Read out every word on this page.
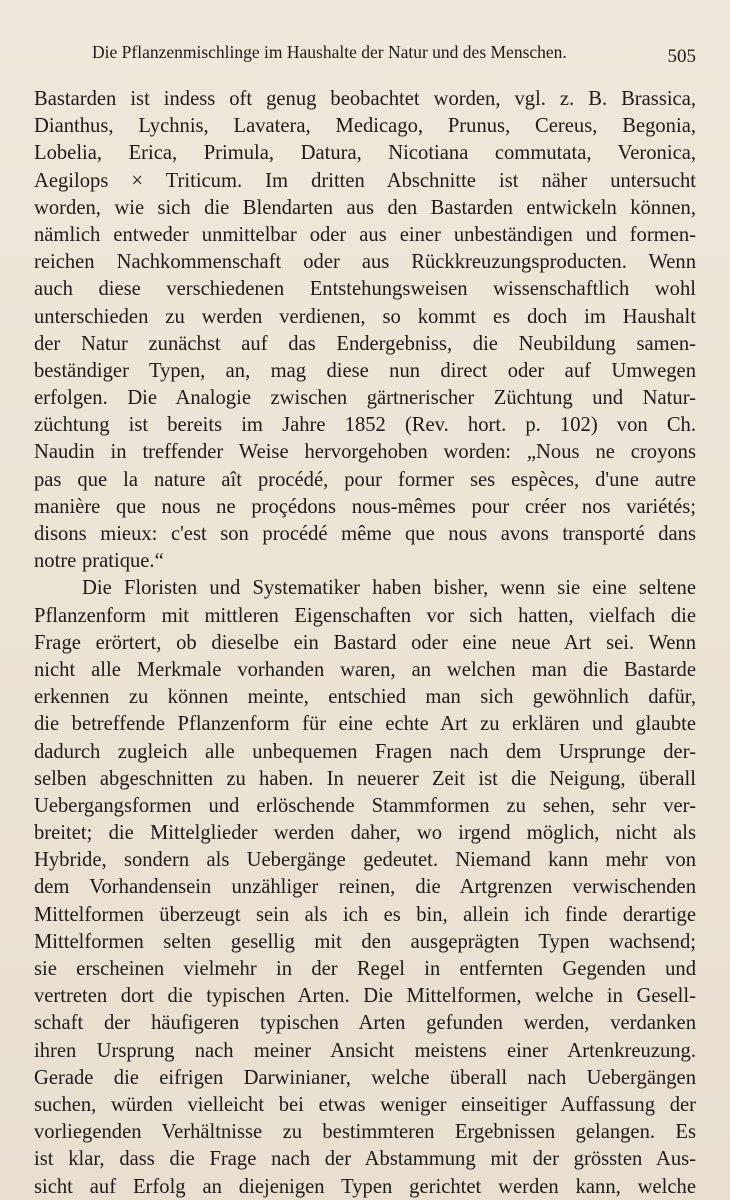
Die Pflanzenmischlinge im Haushalte der Natur und des Menschen.	505
Bastarden ist indess oft genug beobachtet worden, vgl. z. B. Brassica,
Dianthus, Lychnis, Lavatera, Medicago, Prunus, Cereus, Begonia,
Lobelia, Erica, Primula, Datura, Nicotiana commutata, Veronica,
Aegilops × Triticum. Im dritten Abschnitte ist näher untersucht
worden, wie sich die Blendarten aus den Bastarden entwickeln können,
nämlich entweder unmittelbar oder aus einer unbeständigen und formen-
reichen Nachkommenschaft oder aus Rückkreuzungsproducten. Wenn
auch diese verschiedenen Entstehungsweisen wissenschaftlich wohl
unterschieden zu werden verdienen, so kommt es doch im Haushalt
der Natur zunächst auf das Endergebniss, die Neubildung samen-
beständiger Typen, an, mag diese nun direct oder auf Umwegen
erfolgen. Die Analogie zwischen gärtnerischer Züchtung und Natur-
züchtung ist bereits im Jahre 1852 (Rev. hort. p. 102) von Ch.
Naudin in treffender Weise hervorgehoben worden: „Nous ne croyons
pas que la nature aît procédé, pour former ses espèces, d'une autre
manière que nous ne proçédons nous-mêmes pour créer nos variétés;
disons mieux: c'est son procédé même que nous avons transporté dans
notre pratique.“
Die Floristen und Systematiker haben bisher, wenn sie eine seltene
Pflanzenform mit mittleren Eigenschaften vor sich hatten, vielfach die
Frage erörtert, ob dieselbe ein Bastard oder eine neue Art sei. Wenn
nicht alle Merkmale vorhanden waren, an welchen man die Bastarde
erkennen zu können meinte, entschied man sich gewöhnlich dafür,
die betreffende Pflanzenform für eine echte Art zu erklären und glaubte
dadurch zugleich alle unbequemen Fragen nach dem Ursprunge der-
selben abgeschnitten zu haben. In neuerer Zeit ist die Neigung, überall
Uebergangsformen und erlöschende Stammformen zu sehen, sehr ver-
breitet; die Mittelglieder werden daher, wo irgend möglich, nicht als
Hybride, sondern als Uebergänge gedeutet. Niemand kann mehr von
dem Vorhandensein unzähliger reinen, die Artgrenzen verwischenden
Mittelformen überzeugt sein als ich es bin, allein ich finde derartige
Mittelformen selten gesellig mit den ausgeprägten Typen wachsend;
sie erscheinen vielmehr in der Regel in entfernten Gegenden und
vertreten dort die typischen Arten. Die Mittelformen, welche in Gesell-
schaft der häufigeren typischen Arten gefunden werden, verdanken
ihren Ursprung nach meiner Ansicht meistens einer Artenkreuzung.
Gerade die eifrigen Darwinianer, welche überall nach Uebergängen
suchen, würden vielleicht bei etwas weniger einseitiger Auffassung der
vorliegenden Verhältnisse zu bestimmteren Ergebnissen gelangen. Es
ist klar, dass die Frage nach der Abstammung mit der grössten Aus-
sicht auf Erfolg an diejenigen Typen gerichtet werden kann, welche
